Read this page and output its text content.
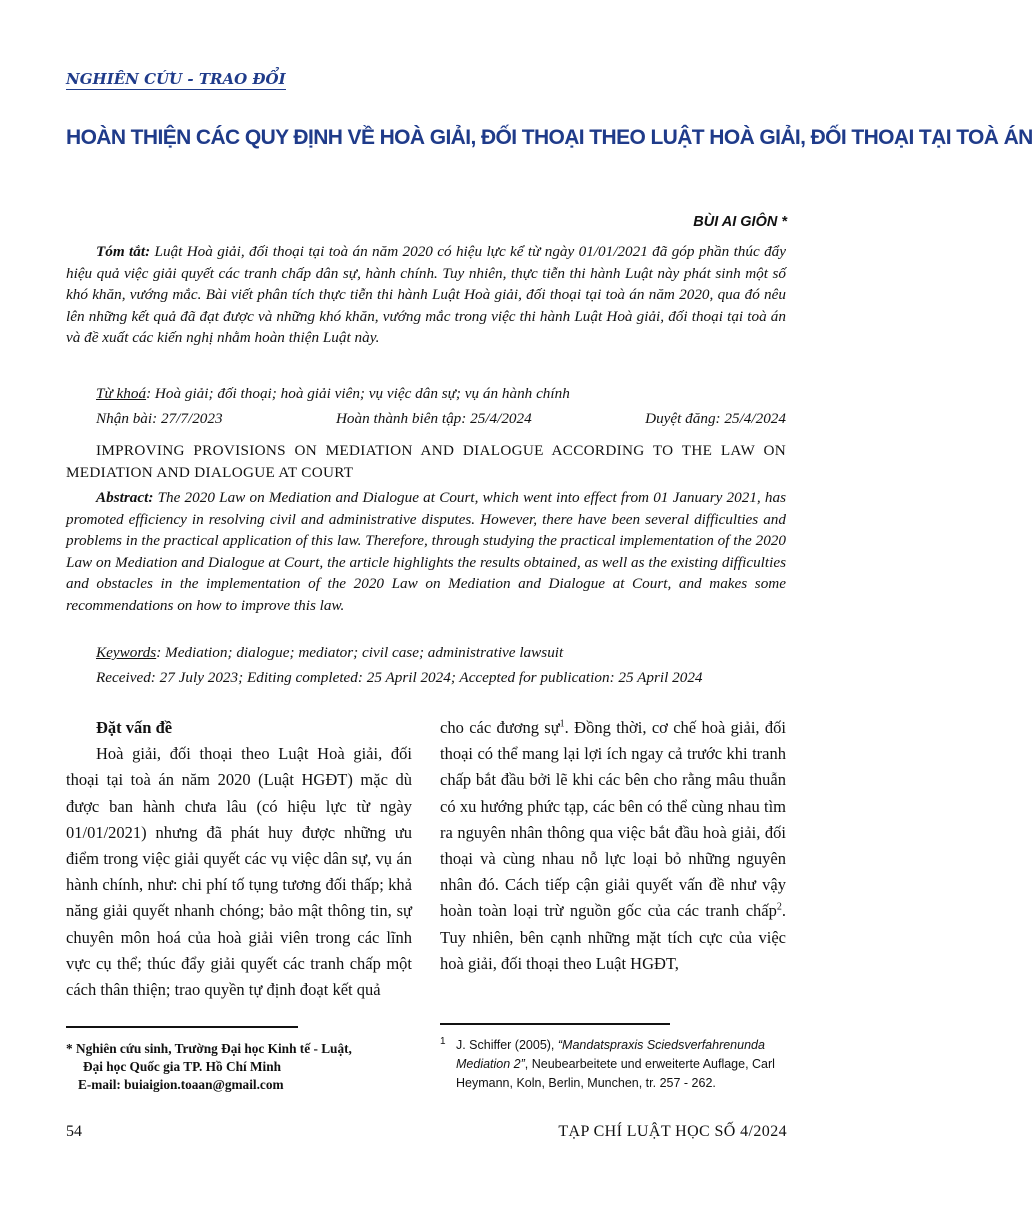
NGHIÊN CỨU - TRAO ĐỔI
HOÀN THIỆN CÁC QUY ĐỊNH VỀ HOÀ GIẢI, ĐỐI THOẠI THEO LUẬT HOÀ GIẢI, ĐỐI THOẠI TẠI TOÀ ÁN
BÙI AI GIÔN *
Tóm tắt: Luật Hoà giải, đối thoại tại toà án năm 2020 có hiệu lực kể từ ngày 01/01/2021 đã góp phần thúc đẩy hiệu quả việc giải quyết các tranh chấp dân sự, hành chính. Tuy nhiên, thực tiễn thi hành Luật này phát sinh một số khó khăn, vướng mắc. Bài viết phân tích thực tiễn thi hành Luật Hoà giải, đối thoại tại toà án năm 2020, qua đó nêu lên những kết quả đã đạt được và những khó khăn, vướng mắc trong việc thi hành Luật Hoà giải, đối thoại tại toà án và đề xuất các kiến nghị nhằm hoàn thiện Luật này.
Từ khoá: Hoà giải; đối thoại; hoà giải viên; vụ việc dân sự; vụ án hành chính
Nhận bài: 27/7/2023	Hoàn thành biên tập: 25/4/2024	Duyệt đăng: 25/4/2024
IMPROVING PROVISIONS ON MEDIATION AND DIALOGUE ACCORDING TO THE LAW ON MEDIATION AND DIALOGUE AT COURT
Abstract: The 2020 Law on Mediation and Dialogue at Court, which went into effect from 01 January 2021, has promoted efficiency in resolving civil and administrative disputes. However, there have been several difficulties and problems in the practical application of this law. Therefore, through studying the practical implementation of the 2020 Law on Mediation and Dialogue at Court, the article highlights the results obtained, as well as the existing difficulties and obstacles in the implementation of the 2020 Law on Mediation and Dialogue at Court, and makes some recommendations on how to improve this law.
Keywords: Mediation; dialogue; mediator; civil case; administrative lawsuit
Received: 27 July 2023; Editing completed: 25 April 2024; Accepted for publication: 25 April 2024

Đặt vấn đề

Hoà giải, đối thoại theo Luật Hoà giải, đối thoại tại toà án năm 2020 (Luật HGĐT) mặc dù được ban hành chưa lâu (có hiệu lực từ ngày 01/01/2021) nhưng đã phát huy được những ưu điểm trong việc giải quyết các vụ việc dân sự, vụ án hành chính, như: chi phí tố tụng tương đối thấp; khả năng giải quyết nhanh chóng; bảo mật thông tin, sự chuyên môn hoá của hoà giải viên trong các lĩnh vực cụ thể; thúc đẩy giải quyết các tranh chấp một cách thân thiện; trao quyền tự định đoạt kết quả

cho các đương sự$^1$. Đồng thời, cơ chế hoà giải, đối thoại có thể mang lại lợi ích ngay cả trước khi tranh chấp bắt đầu bởi lẽ khi các bên cho rằng mâu thuẫn có xu hướng phức tạp, các bên có thể cùng nhau tìm ra nguyên nhân thông qua việc bắt đầu hoà giải, đối thoại và cùng nhau nỗ lực loại bỏ những nguyên nhân đó. Cách tiếp cận giải quyết vấn đề như vậy hoàn toàn loại trừ nguồn gốc của các tranh chấp$^2$. Tuy nhiên, bên cạnh những mặt tích cực của việc hoà giải, đối thoại theo Luật HGĐT,

* Nghiên cứu sinh, Trường Đại học Kinh tế - Luật,
Đại học Quốc gia TP. Hồ Chí Minh
E-mail: buiaigion.toaan@gmail.com
$^1$ J. Schiffer (2005), “Mandatspraxis Sciedsverfahrenunda Mediation 2”, Neubearbeitete und erweiterte Auflage, Carl Heymann, Koln, Berlin, Munchen, tr. 257 - 262.
54	TẠP CHÍ LUẬT HỌC SỐ 4/2024
